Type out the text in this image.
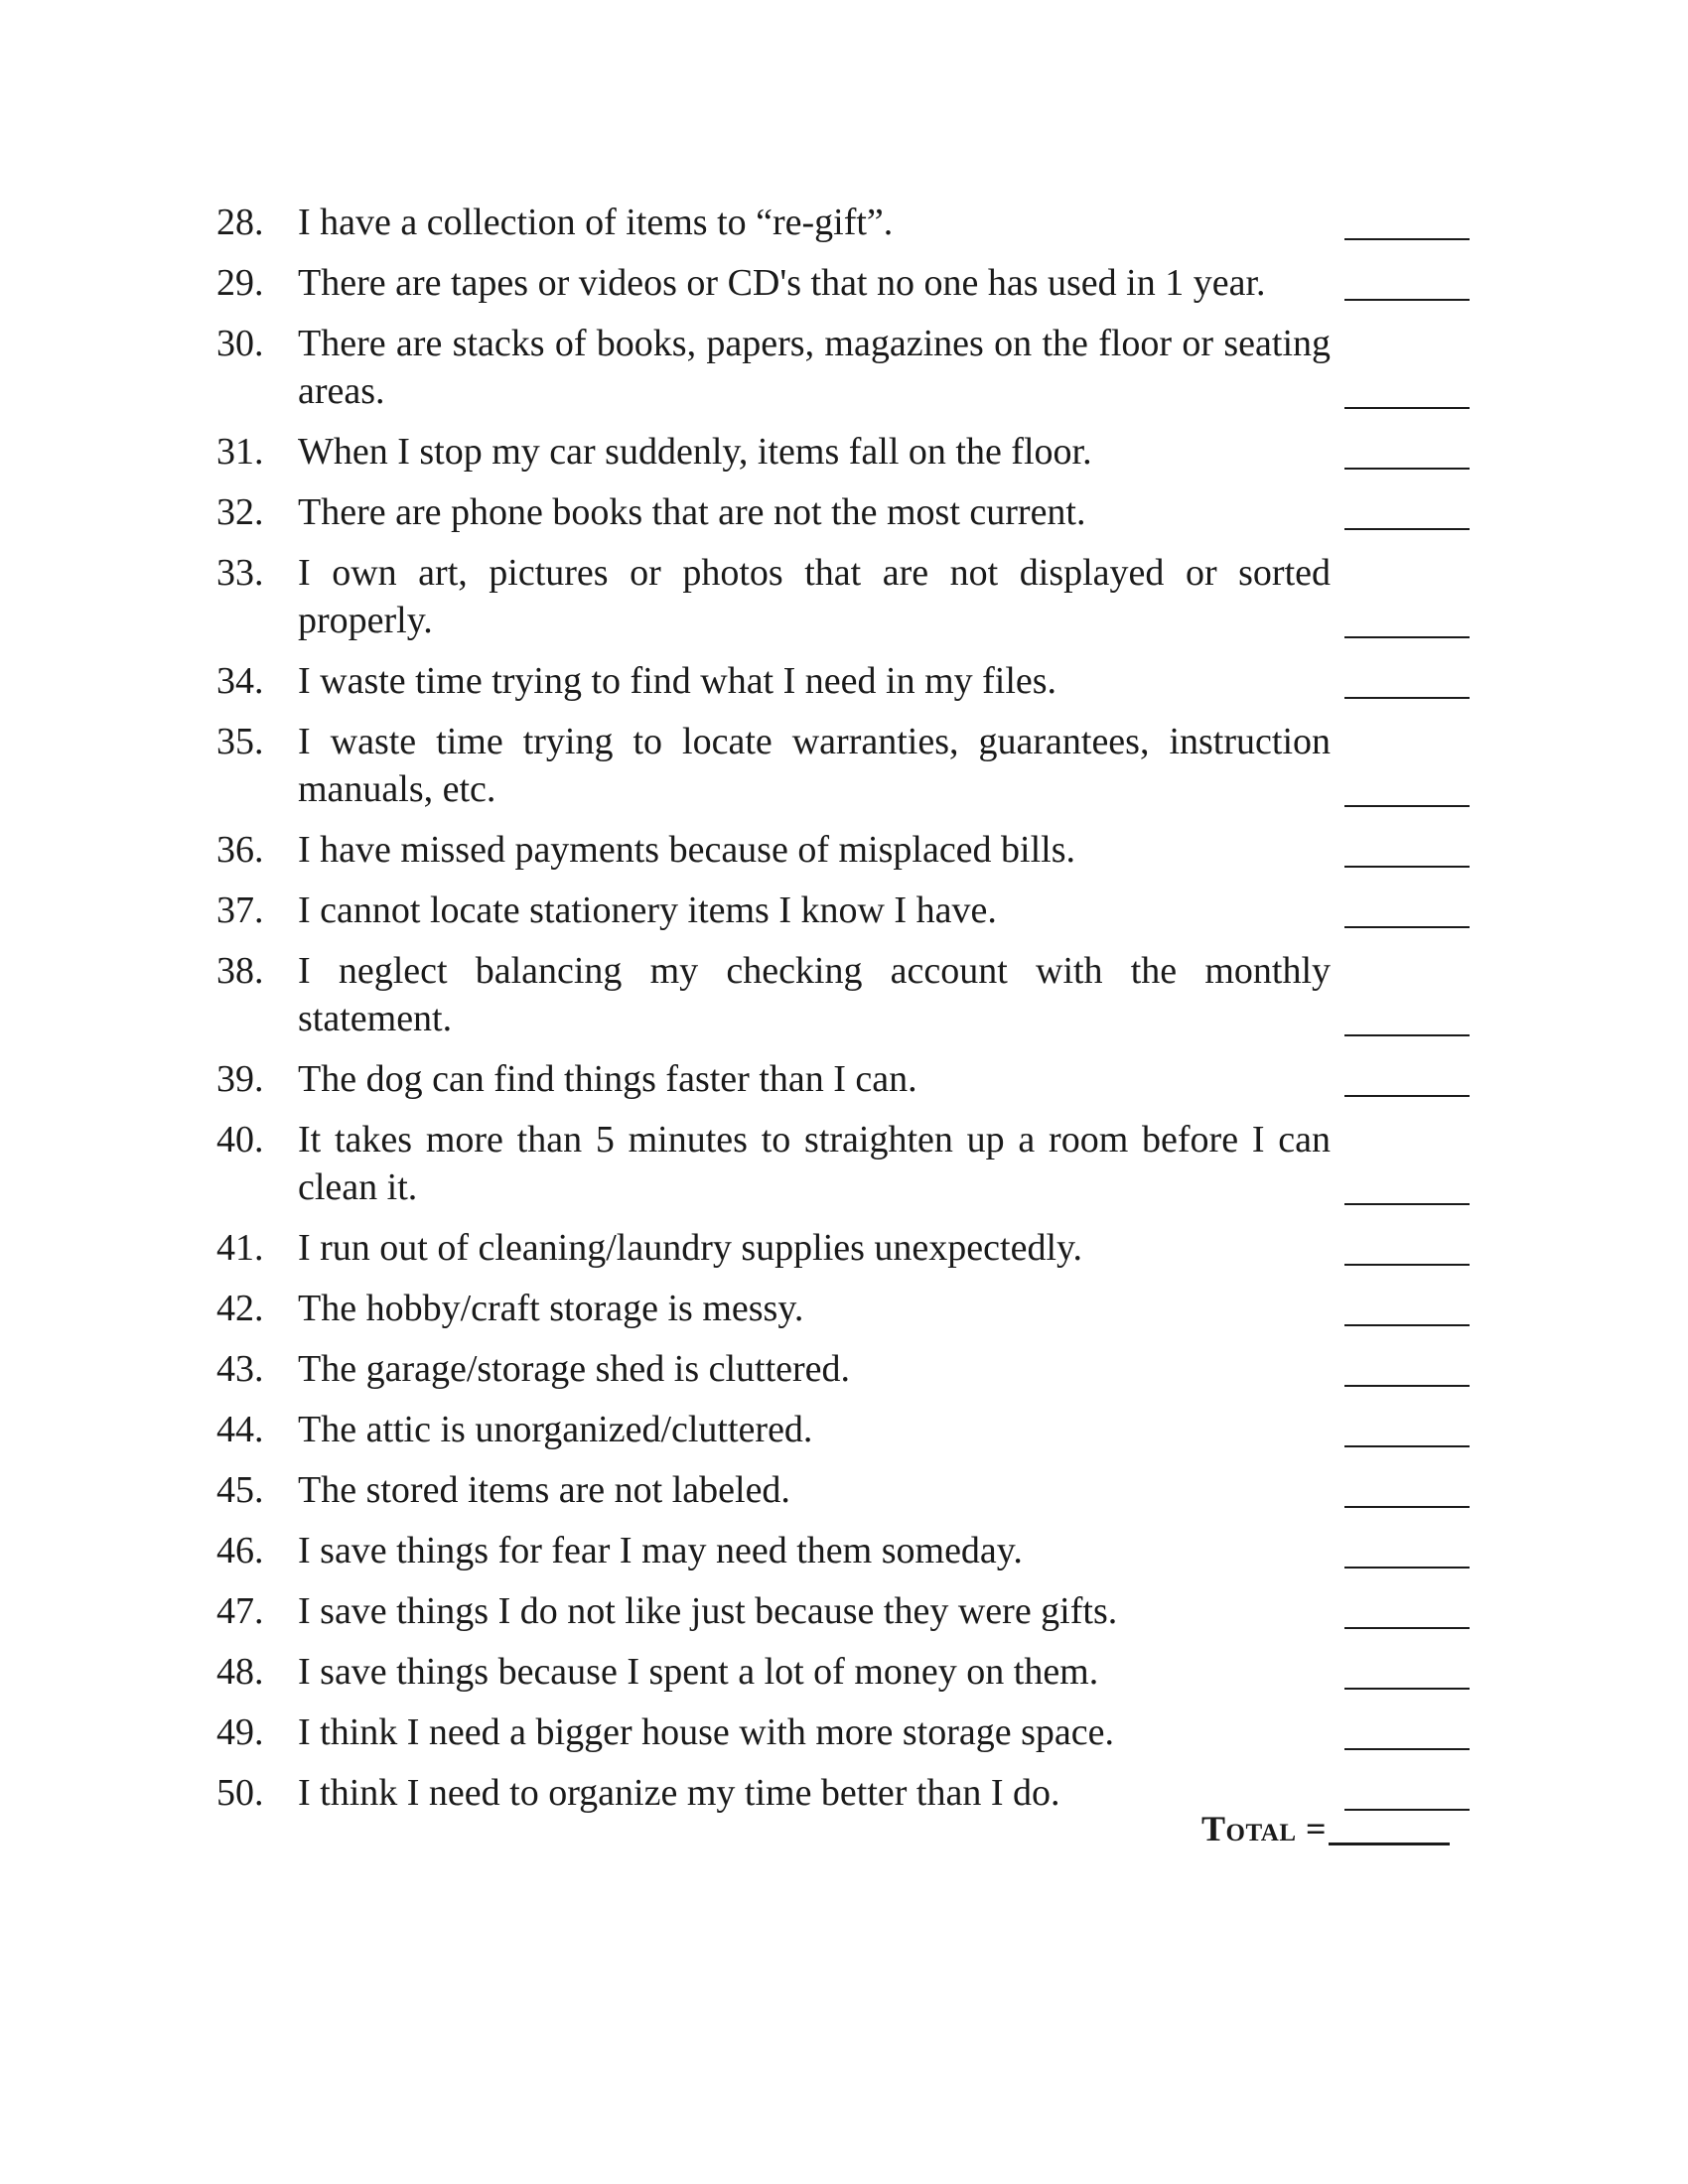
28. I have a collection of items to “re-gift”.
29. There are tapes or videos or CD's that no one has used in 1 year.
30. There are stacks of books, papers, magazines on the floor or seating areas.
31. When I stop my car suddenly, items fall on the floor.
32. There are phone books that are not the most current.
33. I own art, pictures or photos that are not displayed or sorted properly.
34. I waste time trying to find what I need in my files.
35. I waste time trying to locate warranties, guarantees, instruction manuals, etc.
36. I have missed payments because of misplaced bills.
37. I cannot locate stationery items I know I have.
38. I neglect balancing my checking account with the monthly statement.
39. The dog can find things faster than I can.
40. It takes more than 5 minutes to straighten up a room before I can clean it.
41. I run out of cleaning/laundry supplies unexpectedly.
42. The hobby/craft storage is messy.
43. The garage/storage shed is cluttered.
44. The attic is unorganized/cluttered.
45. The stored items are not labeled.
46. I save things for fear I may need them someday.
47. I save things I do not like just because they were gifts.
48. I save things because I spent a lot of money on them.
49. I think I need a bigger house with more storage space.
50. I think I need to organize my time better than I do.
Total =
